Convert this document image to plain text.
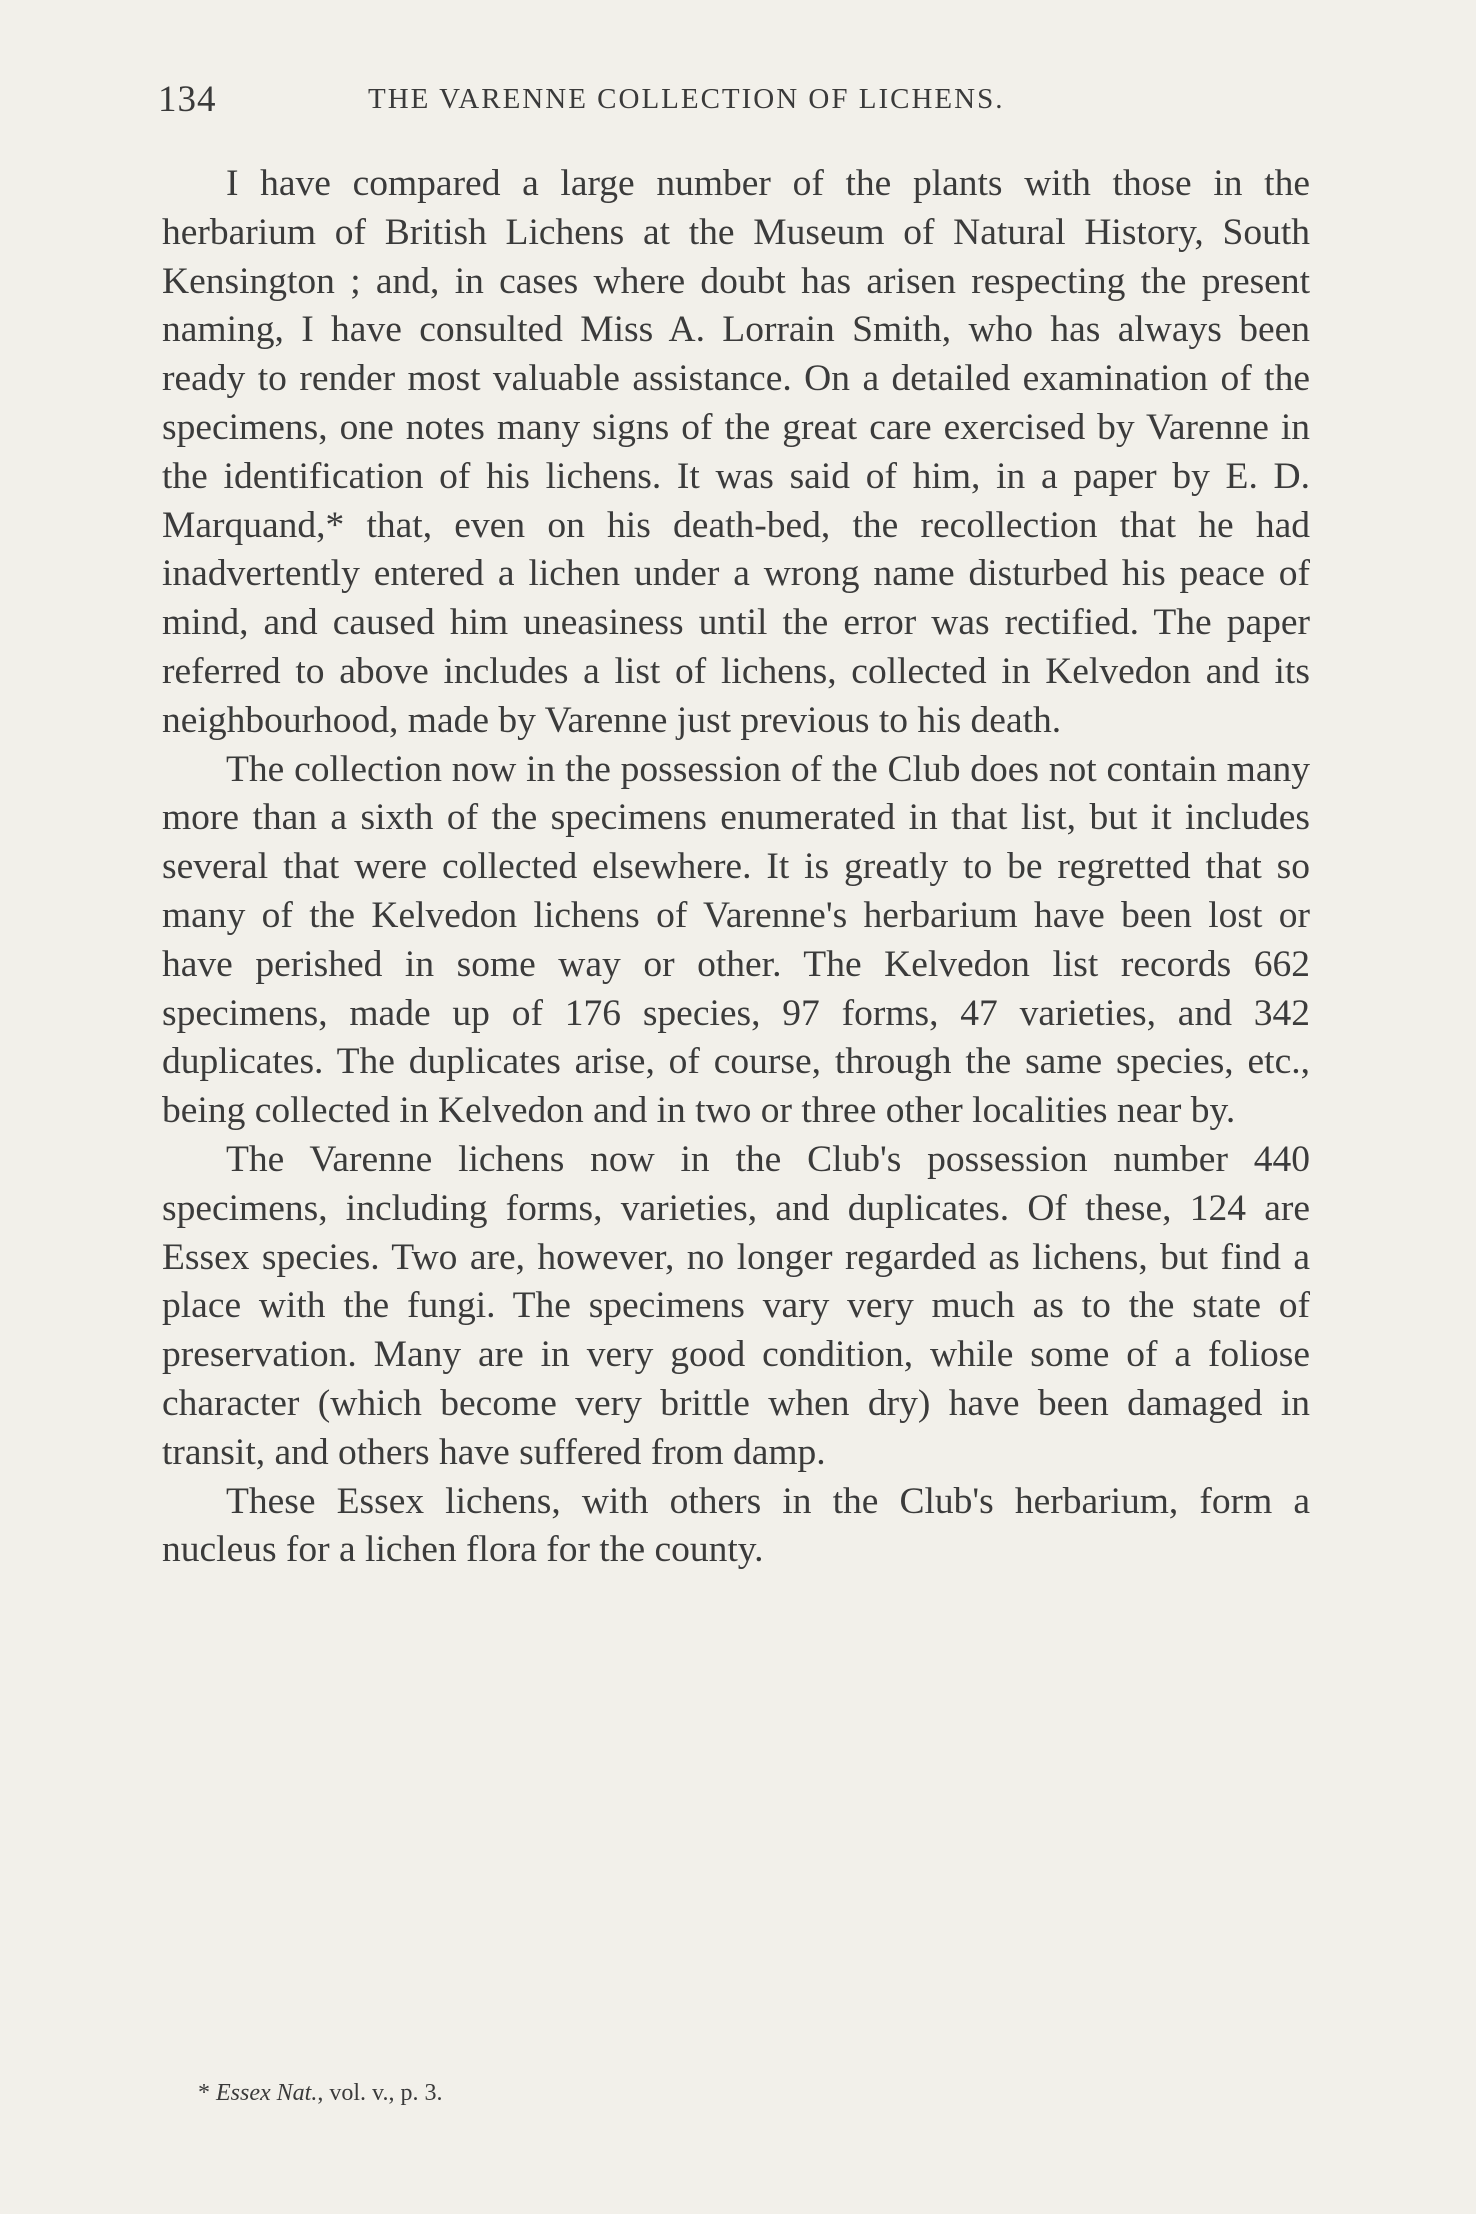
134	THE VARENNE COLLECTION OF LICHENS.

I have compared a large number of the plants with those in the herbarium of British Lichens at the Museum of Natural History, South Kensington ; and, in cases where doubt has arisen respecting the present naming, I have consulted Miss A. Lorrain Smith, who has always been ready to render most valuable assistance. On a detailed examination of the specimens, one notes many signs of the great care exercised by Varenne in the identification of his lichens. It was said of him, in a paper by E. D. Marquand,* that, even on his death-bed, the recollection that he had inadvertently entered a lichen under a wrong name disturbed his peace of mind, and caused him uneasiness until the error was rectified. The paper referred to above includes a list of lichens, collected in Kelvedon and its neighbourhood, made by Varenne just previous to his death.

The collection now in the possession of the Club does not contain many more than a sixth of the specimens enumerated in that list, but it includes several that were collected elsewhere. It is greatly to be regretted that so many of the Kelvedon lichens of Varenne's herbarium have been lost or have perished in some way or other. The Kelvedon list records 662 specimens, made up of 176 species, 97 forms, 47 varieties, and 342 duplicates. The duplicates arise, of course, through the same species, etc., being collected in Kelvedon and in two or three other localities near by.

The Varenne lichens now in the Club's possession number 440 specimens, including forms, varieties, and duplicates. Of these, 124 are Essex species. Two are, however, no longer regarded as lichens, but find a place with the fungi. The specimens vary very much as to the state of preservation. Many are in very good condition, while some of a foliose character (which become very brittle when dry) have been damaged in transit, and others have suffered from damp.

These Essex lichens, with others in the Club's herbarium, form a nucleus for a lichen flora for the county.

* Essex Nat., vol. v., p. 3.
